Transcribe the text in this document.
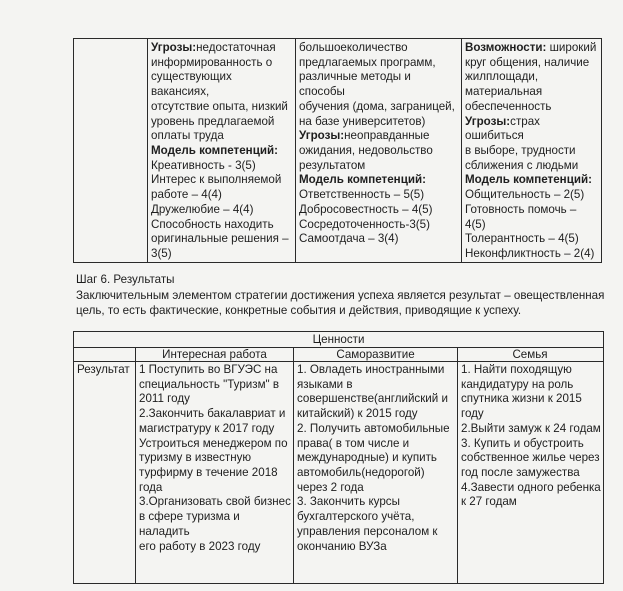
Угрозы:недостаточная

информированность о

существующих вакансиях,

отсутствие опыта, низкий

уровень предлагаемой

оплаты труда

Модель компетенций:

Креативность - 3(5)

Интерес к выполняемой

работе – 4(4)

Дружелюбие – 4(4)

Способность находить

оригинальные решения –

3(5)

большоеколичество

предлагаемых программ,

различные методы и способы

обучения (дома, заграницей,

на базе университетов)

Угрозы:неоправданные

ожидания, недовольство

результатом

Модель компетенций:

Ответственность – 5(5)

Добросовестность – 4(5)

Сосредоточенность-3(5)

Самоотдача – 3(4)

Возможности: широкий

круг общения, наличие

жилплощади,

материальная

обеспеченность

Угрозы:страх ошибиться

в выборе, трудности

сближения с людьми

Модель компетенций:

Общительность – 2(5)

Готовность помочь –

4(5)

Толерантность – 4(5)

Неконфликтность – 2(4)

Шаг 6. Результаты

Заключительным элементом стратегии достижения успеха является результат – овеществленная

цель, то есть фактические, конкретные события и действия, приводящие к успеху.

Ценности
Интересная работа	Саморазвитие	Семья
Результат 1 Поступить во ВГУЭС на

специальность "Туризм" в

2011 году

2.Закончить бакалавриат и

магистратуру к 2017 году

Устроиться менеджером по

туризму в известную

турфирму в течение 2018

года

3.Организовать свой бизнес

в сфере туризма и наладить

его работу в 2023 году

1. Овладеть иностранными

языками в

совершенстве(английский и

китайский) к 2015 году

2. Получить автомобильные

права( в том числе и

международные) и купить

автомобиль(недорогой)

через 2 года

3. Закончить курсы

бухгалтерского учёта,

управления персоналом к

окончанию ВУЗа

1. Найти походящую

кандидатуру на роль

спутника жизни к 2015

году

2.Выйти замуж к 24 годам

3. Купить и обустроить

собственное жилье через

год после замужества

4.Завести одного ребенка

к 27 годам
